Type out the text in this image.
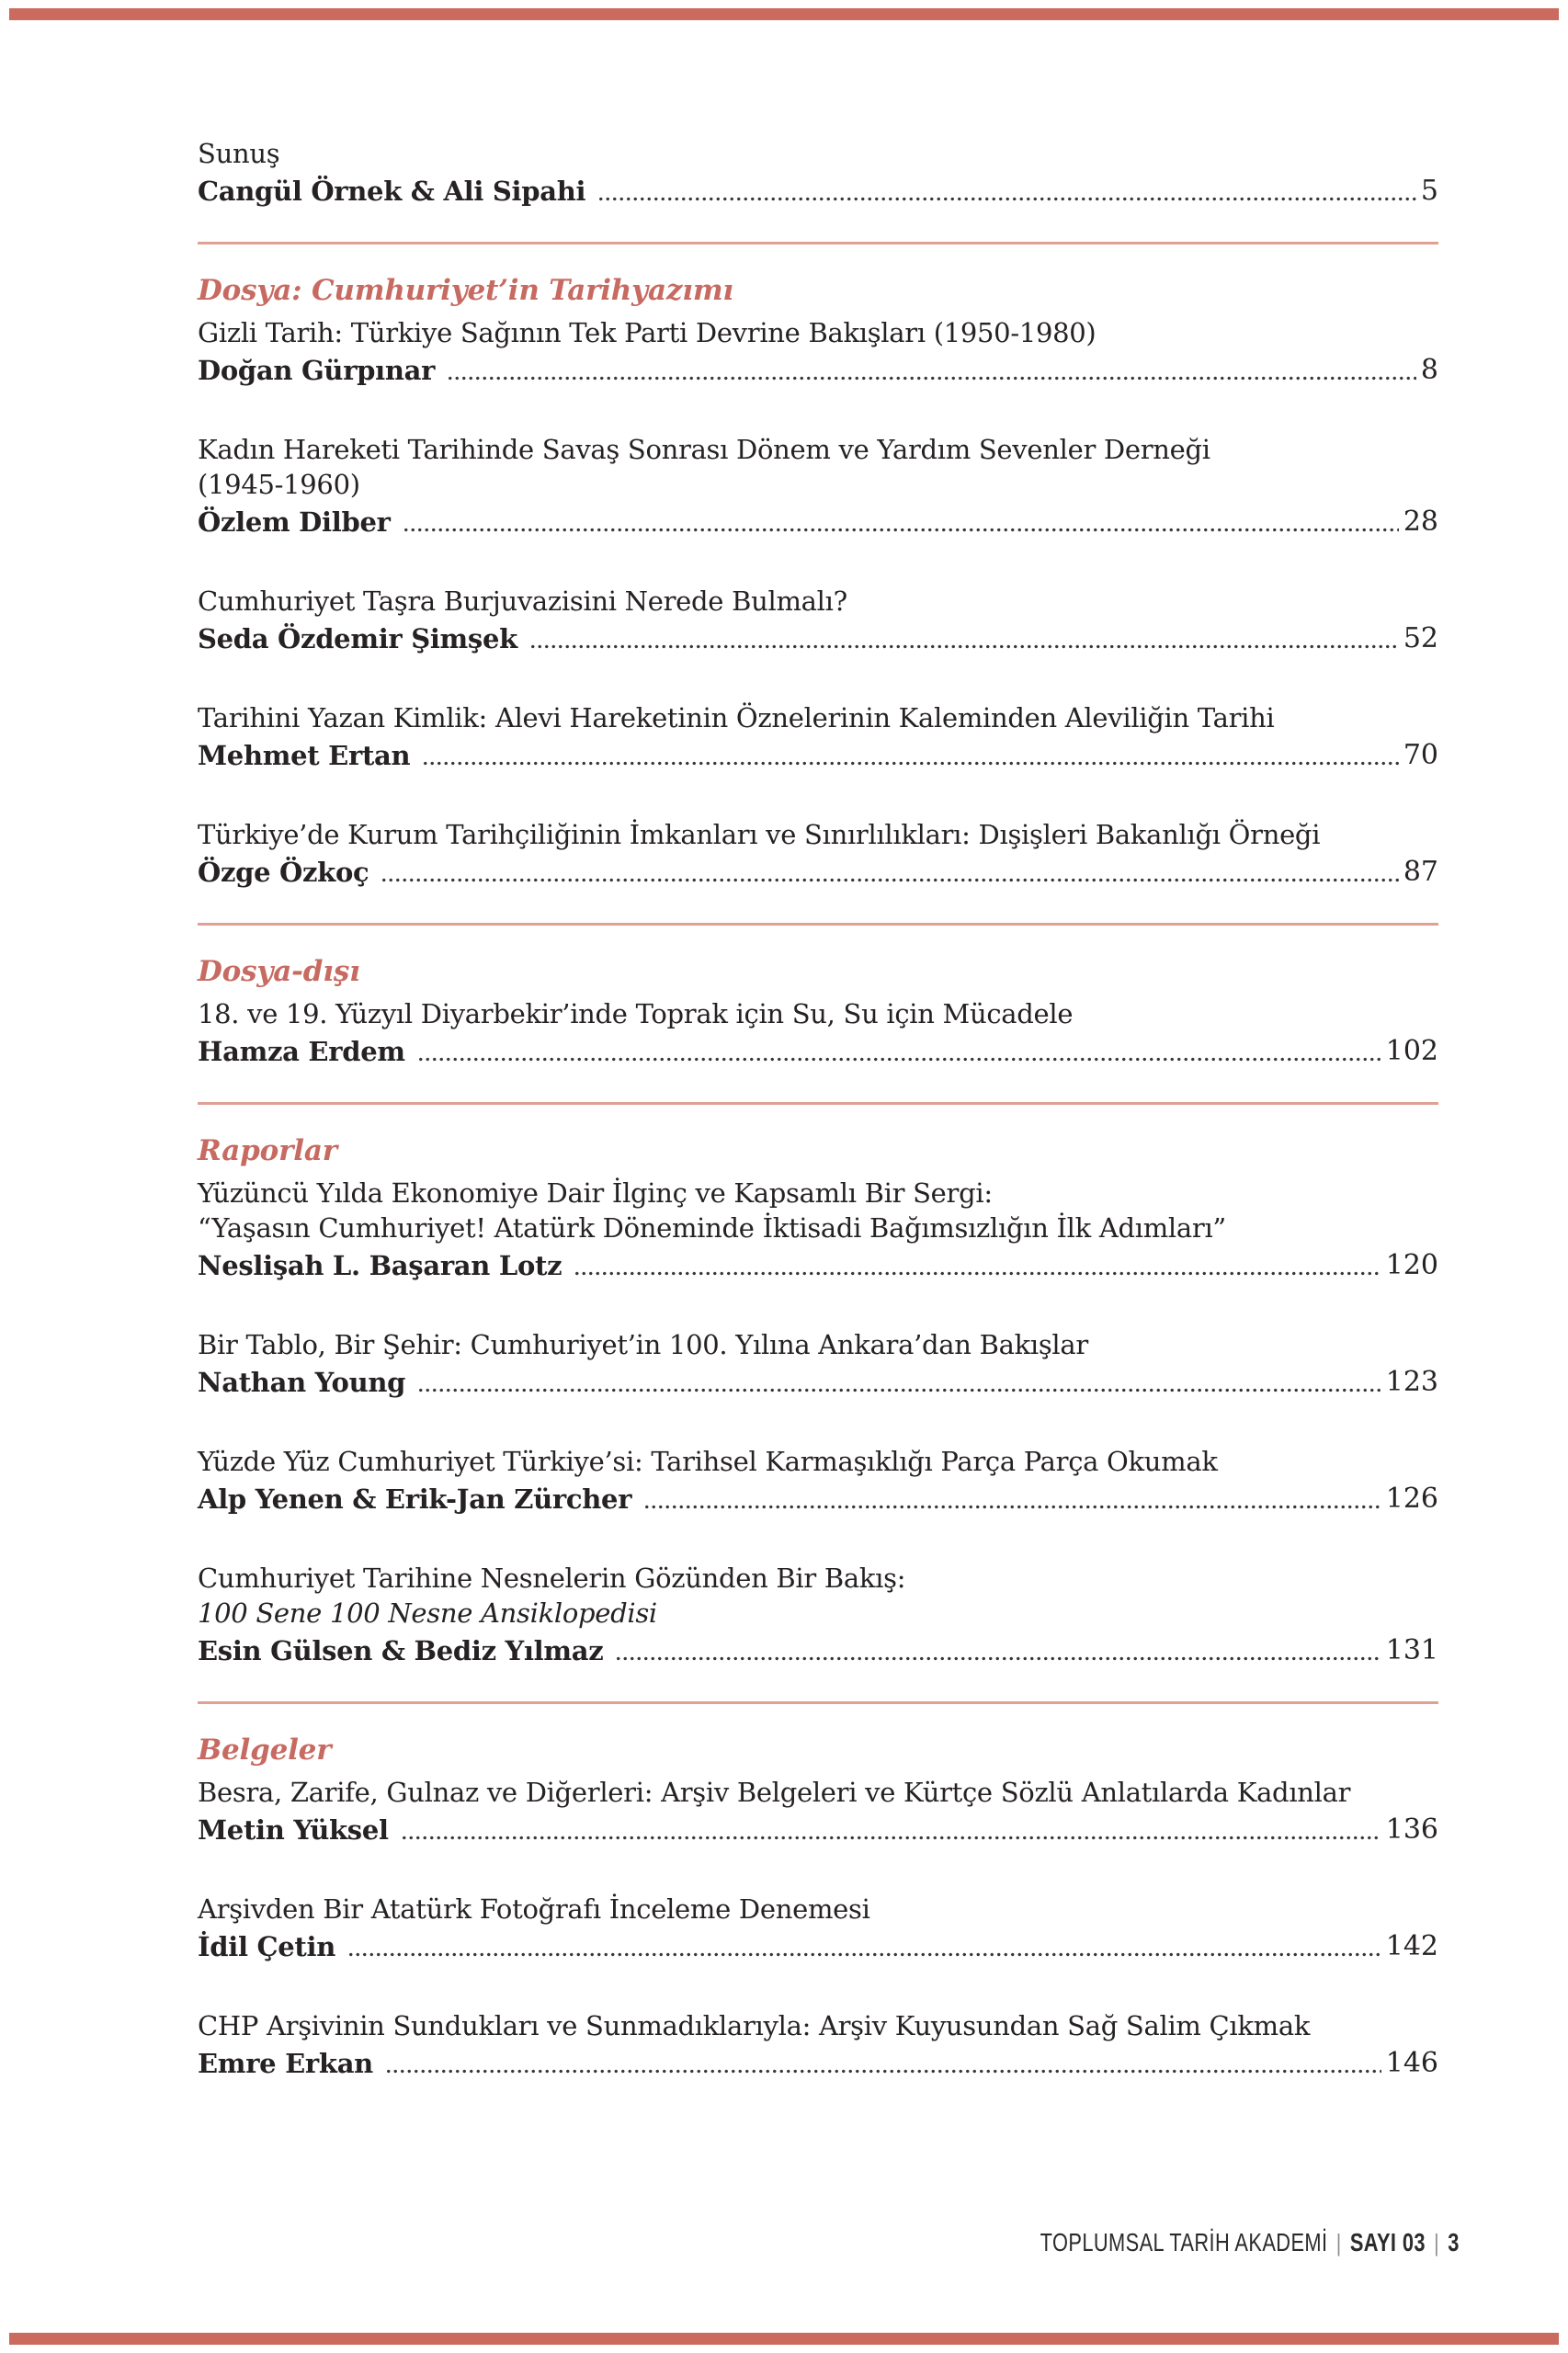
Sunuş
Cangül Örnek & Ali Sipahi	5
Dosya: Cumhuriyet’in Tarihyazımı
Gizli Tarih: Türkiye Sağının Tek Parti Devrine Bakışları (1950-1980)
Doğan Gürpınar	8
Kadın Hareketi Tarihinde Savaş Sonrası Dönem ve Yardım Sevenler Derneği
(1945-1960)
Özlem Dilber	28
Cumhuriyet Taşra Burjuvazisini Nerede Bulmalı?
Seda Özdemir Şimşek	52
Tarihini Yazan Kimlik: Alevi Hareketinin Öznelerinin Kaleminden Aleviliğin Tarihi
Mehmet Ertan	70
Türkiye’de Kurum Tarihçiliğinin İmkanları ve Sınırlılıkları: Dışişleri Bakanlığı Örneği
Özge Özkoç	87
Dosya-dışı
18. ve 19. Yüzyıl Diyarbekir’inde Toprak için Su, Su için Mücadele
Hamza Erdem	102
Raporlar
Yüzüncü Yılda Ekonomiye Dair İlginç ve Kapsamlı Bir Sergi:
“Yaşasın Cumhuriyet! Atatürk Döneminde İktisadi Bağımsızlığın İlk Adımları”
Neslişah L. Başaran Lotz	120
Bir Tablo, Bir Şehir: Cumhuriyet’in 100. Yılına Ankara’dan Bakışlar
Nathan Young	123
Yüzde Yüz Cumhuriyet Türkiye’si: Tarihsel Karmaşıklığı Parça Parça Okumak
Alp Yenen & Erik-Jan Zürcher	126
Cumhuriyet Tarihine Nesnelerin Gözünden Bir Bakış:
100 Sene 100 Nesne Ansiklopedisi
Esin Gülsen & Bediz Yılmaz	131
Belgeler
Besra, Zarife, Gulnaz ve Diğerleri: Arşiv Belgeleri ve Kürtçe Sözlü Anlatılarda Kadınlar
Metin Yüksel	136
Arşivden Bir Atatürk Fotoğrafı İnceleme Denemesi
İdil Çetin	142
CHP Arşivinin Sundukları ve Sunmadıklarıyla: Arşiv Kuyusundan Sağ Salim Çıkmak
Emre Erkan	146
TOPLUMSAL TARİH AKADEMİ | SAYI 03 | 3
